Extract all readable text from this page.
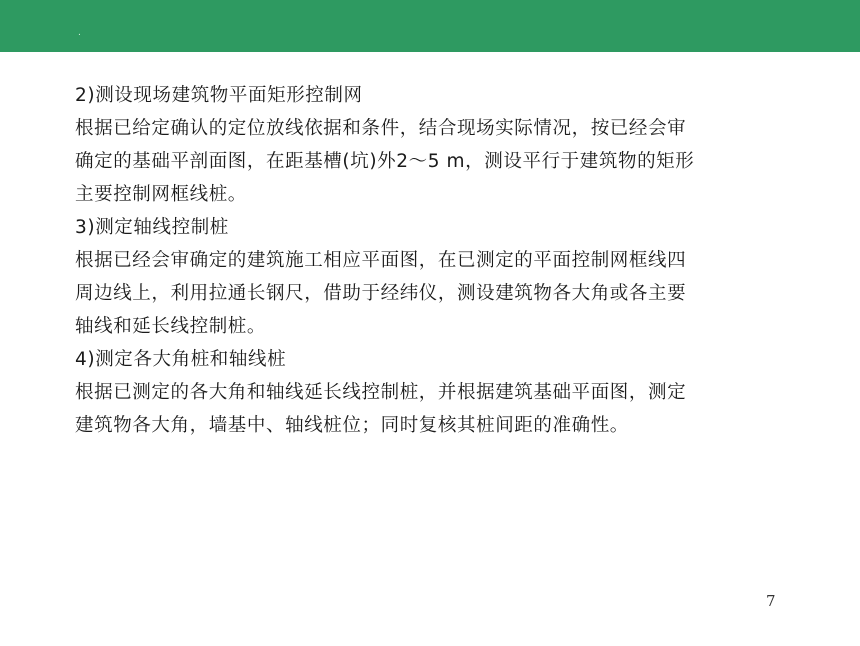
.
2)测设现场建筑物平面矩形控制网
根据已给定确认的定位放线依据和条件，结合现场实际情况，按已经会审
确定的基础平剖面图，在距基槽(坑)外2～5 m，测设平行于建筑物的矩形
主要控制网框线桩。
3)测定轴线控制桩
根据已经会审确定的建筑施工相应平面图，在已测定的平面控制网框线四
周边线上，利用拉通长钢尺，借助于经纬仪，测设建筑物各大角或各主要
轴线和延长线控制桩。
4)测定各大角桩和轴线桩
根据已测定的各大角和轴线延长线控制桩，并根据建筑基础平面图，测定
建筑物各大角，墙基中、轴线桩位；同时复核其桩间距的准确性。
7
